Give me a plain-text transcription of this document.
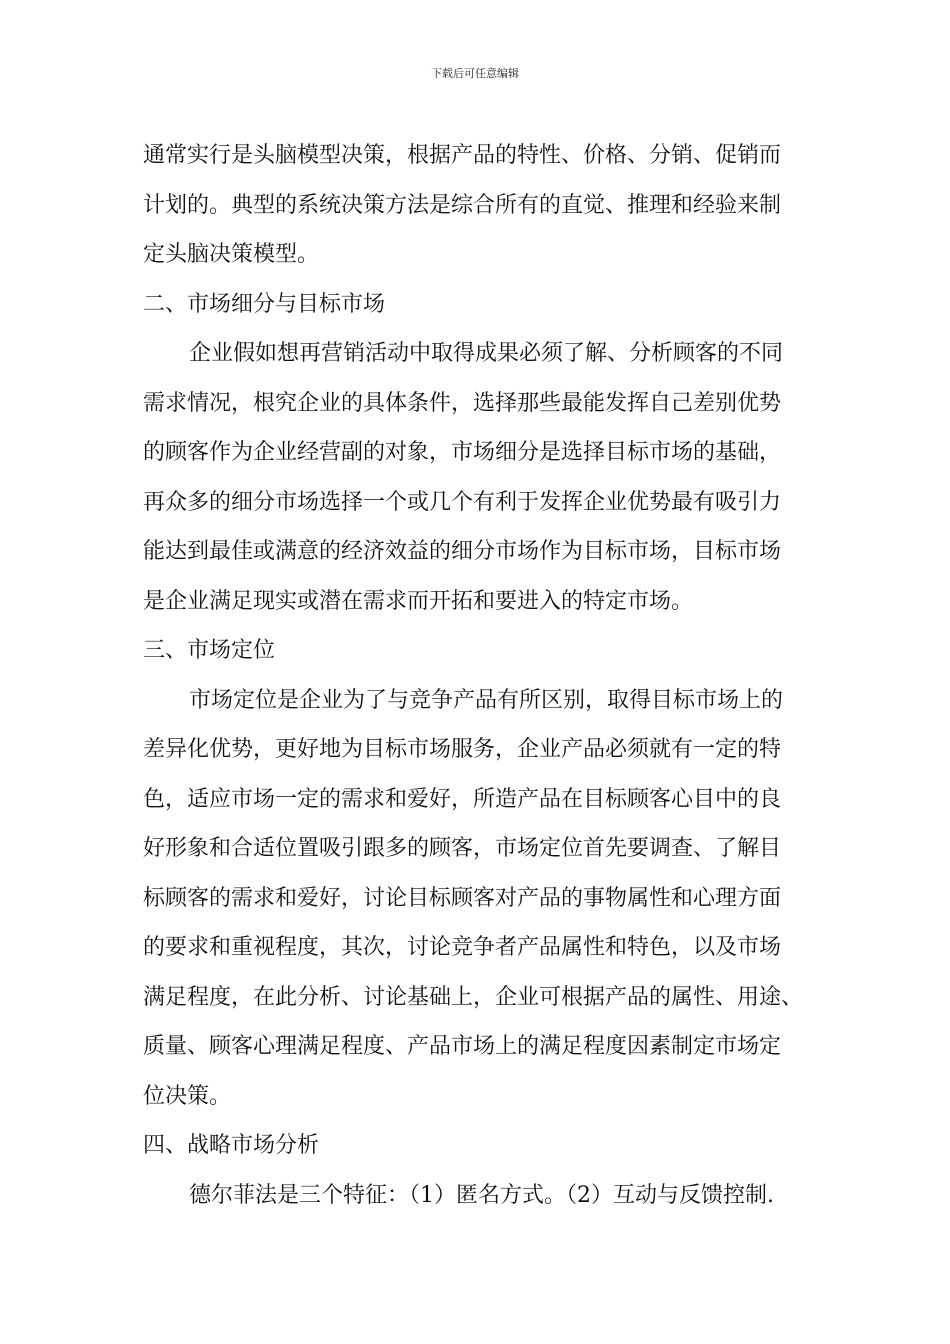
下载后可任意编辑
通常实行是头脑模型决策，根据产品的特性、价格、分销、促销而
计划的。典型的系统决策方法是综合所有的直觉、推理和经验来制
定头脑决策模型。
二、市场细分与目标市场
企业假如想再营销活动中取得成果必须了解、分析顾客的不同
需求情况，根究企业的具体条件，选择那些最能发挥自己差别优势
的顾客作为企业经营副的对象，市场细分是选择目标市场的基础，
再众多的细分市场选择一个或几个有利于发挥企业优势最有吸引力
能达到最佳或满意的经济效益的细分市场作为目标市场，目标市场
是企业满足现实或潜在需求而开拓和要进入的特定市场。
三、市场定位
市场定位是企业为了与竞争产品有所区别，取得目标市场上的
差异化优势，更好地为目标市场服务，企业产品必须就有一定的特
色，适应市场一定的需求和爱好，所造产品在目标顾客心目中的良
好形象和合适位置吸引跟多的顾客，市场定位首先要调查、了解目
标顾客的需求和爱好，讨论目标顾客对产品的事物属性和心理方面
的要求和重视程度，其次，讨论竞争者产品属性和特色，以及市场
满足程度，在此分析、讨论基础上，企业可根据产品的属性、用途、
质量、顾客心理满足程度、产品市场上的满足程度因素制定市场定
位决策。
四、战略市场分析
德尔菲法是三个特征：（1）匿名方式。（2）互动与反馈控制.
